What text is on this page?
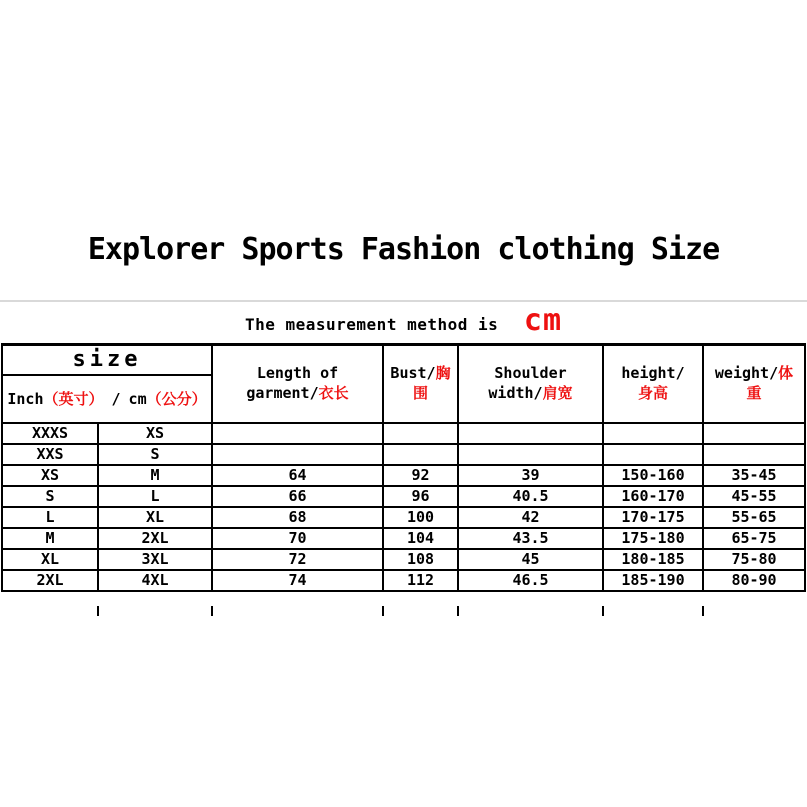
Explorer Sports Fashion clothing Size
The measurement method is cm
size		Length of garment/衣长	Bust/胸围	Shoulder width/肩宽	height/身高	weight/体重
Inch（英寸） / cm（公分）						
XXXS	XS					
XXS	S					
XS	M	64	92	39	150-160	35-45
S	L	66	96	40.5	160-170	45-55
L	XL	68	100	42	170-175	55-65
M	2XL	70	104	43.5	175-180	65-75
XL	3XL	72	108	45	180-185	75-80
2XL	4XL	74	112	46.5	185-190	80-90
